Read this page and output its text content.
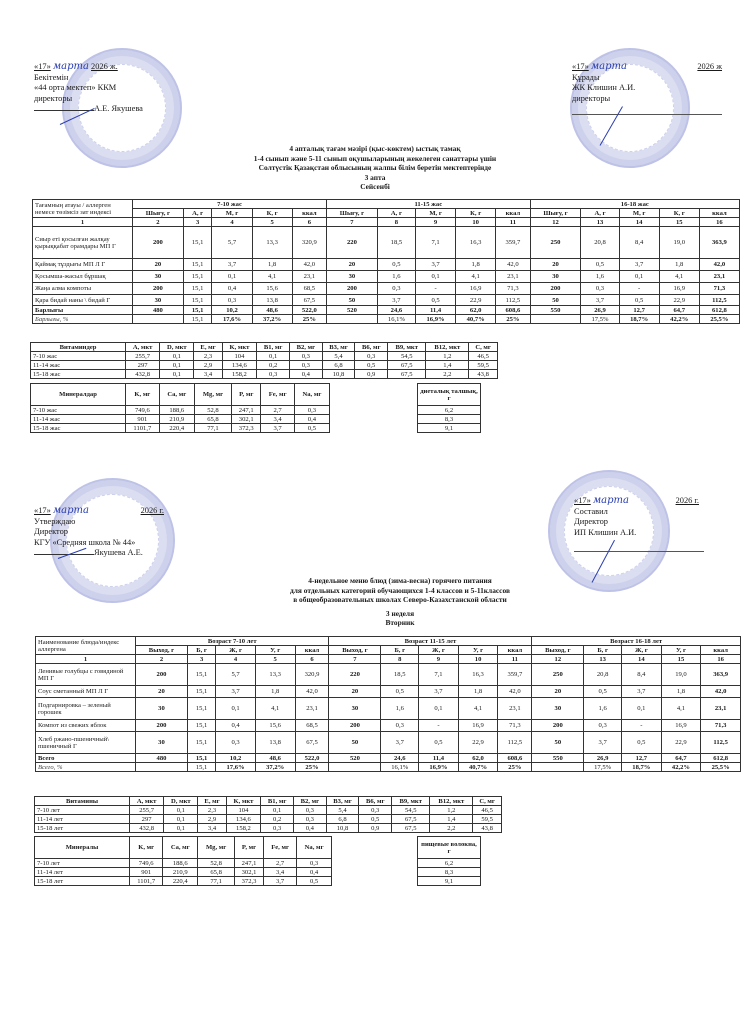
«17» марта 2026 ж.
Бекітемін
«44 орта мектеп» ККМ
директоры
А.Е. Якушева
«17» марта	2026 ж
Құрады
ЖК Клишин А.И.
директоры
4 апталық тағам мәзірі (қыс-көктем) ыстық тамақ
1-4 сынып және 5-11 сынып оқушыларының жекелеген санаттары үшін
Солтүстік Қазақстан облысының жалпы білім беретін мектептерінде
3 апта
Сейсенбі
Тағамның атауы / аллерген немесе төзімсіз зат индексі	7-10 жас					11-15 жас					16-18 жас				
	Шығу, г	А, г	М, г	К, г	ккал	Шығу, г	А, г	М, г	К, г	ккал	Шығу, г	А, г	М, г	К, г	ккал
1	2	3	4	5	6	7	8	9	10	11	12	13	14	15	16
Сиыр еті қосылған жалқау қырыққабат орамдары МП Г	200	15,1	5,7	13,3	320,9	220	18,5	7,1	16,3	359,7	250	20,8	8,4	19,0	363,9
Қаймақ тұздығы МП Л Г	20	15,1	3,7	1,8	42,0	20	0,5	3,7	1,8	42,0	20	0,5	3,7	1,8	42,0
Қосымша-жасыл бұршақ	30	15,1	0,1	4,1	23,1	30	1,6	0,1	4,1	23,1	30	1,6	0,1	4,1	23,1
Жаңа алма компоты	200	15,1	0,4	15,6	68,5	200	0,3	-	16,9	71,3	200	0,3	-	16,9	71,3
Қара бидай наны \ бидай Г	30	15,1	0,3	13,8	67,5	50	3,7	0,5	22,9	112,5	50	3,7	0,5	22,9	112,5
Барлығы	480	15,1	10,2	48,6	522,0	520	24,6	11,4	62,0	608,6	550	26,9	12,7	64,7	612,8
Барлығы, %		15,1	17,6%	37,2%	25%		16,1%	16,9%	40,7%	25%		17,5%	18,7%	42,2%	25,5%
Витаминдер	A, мкт	D, мкт	E, мг	K, мкт	B1, мг	B2, мг	B3, мг	B6, мг	B9, мкт	B12, мкт	C, мг
7-10 жас	255,7	0,1	2,3	104	0,1	0,3	5,4	0,3	54,5	1,2	46,5
11-14 жас	297	0,1	2,9	134,6	0,2	0,3	6,8	0,5	67,5	1,4	59,5
15-18 жас	432,8	0,1	3,4	158,2	0,3	0,4	10,8	0,9	67,5	2,2	43,8
Минералдар	K, мг	Ca, мг	Mg, мг	P, мг	Fe, мг	Na, мг
7-10 жас	749,6	188,6	52,8	247,1	2,7	0,3
11-14 жас	901	210,9	65,8	302,1	3,4	0,4
15-18 жас	1101,7	220,4	77,1	372,3	3,7	0,5
диеталық талшық, г
6,2
8,3
9,1
«17» марта	2026 г.
Утверждаю
Директор
КГУ «Средняя школа № 44»
Якушева А.Е.
«17» марта	2026 г.
Составил
Директор
ИП Клишин А.И.
4-недельное меню блюд (зима-весна) горячего питания
для отдельных категорий обучающихся 1-4 классов и 5-11классов
в общеобразовательных школах Северо-Казахстанской области
3 неделя
Вторник
Наименование блюда/индекс аллергена	Возраст 7-10 лет					Возраст 11-15 лет					Возраст 16-18 лет				
	Выход, г	Б, г	Ж, г	У, г	ккал	Выход, г	Б, г	Ж, г	У, г	ккал	Выход, г	Б, г	Ж, г	У, г	ккал
1	2	3	4	5	6	7	8	9	10	11	12	13	14	15	16
Ленивые голубцы с говядиной МП Г	200	15,1	5,7	13,3	320,9	220	18,5	7,1	16,3	359,7	250	20,8	8,4	19,0	363,9
Соус сметанный МП Л Г	20	15,1	3,7	1,8	42,0	20	0,5	3,7	1,8	42,0	20	0,5	3,7	1,8	42,0
Подгарнировка – зеленый горошек	30	15,1	0,1	4,1	23,1	30	1,6	0,1	4,1	23,1	30	1,6	0,1	4,1	23,1
Компот из свежих яблок	200	15,1	0,4	15,6	68,5	200	0,3	-	16,9	71,3	200	0,3	-	16,9	71,3
Хлеб ржано-пшеничный\ пшеничный Г	30	15,1	0,3	13,8	67,5	50	3,7	0,5	22,9	112,5	50	3,7	0,5	22,9	112,5
Всего	480	15,1	10,2	48,6	522,0	520	24,6	11,4	62,0	608,6	550	26,9	12,7	64,7	612,8
Всего, %		15,1	17,6%	37,2%	25%		16,1%	16,9%	40,7%	25%		17,5%	18,7%	42,2%	25,5%
Витамины	A, мкт	D, мкт	E, мг	K, мкт	B1, мг	B2, мг	B3, мг	B6, мг	B9, мкт	B12, мкт	C, мг
7-10 лет	255,7	0,1	2,3	104	0,1	0,3	5,4	0,3	54,5	1,2	46,5
11-14 лет	297	0,1	2,9	134,6	0,2	0,3	6,8	0,5	67,5	1,4	59,5
15-18 лет	432,8	0,1	3,4	158,2	0,3	0,4	10,8	0,9	67,5	2,2	43,8
Минералы	K, мг	Ca, мг	Mg, мг	P, мг	Fe, мг	Na, мг
7-10 лет	749,6	188,6	52,8	247,1	2,7	0,3
11-14 лет	901	210,9	65,8	302,1	3,4	0,4
15-18 лет	1101,7	220,4	77,1	372,3	3,7	0,5
пищевые волокна, г
6,2
8,3
9,1
